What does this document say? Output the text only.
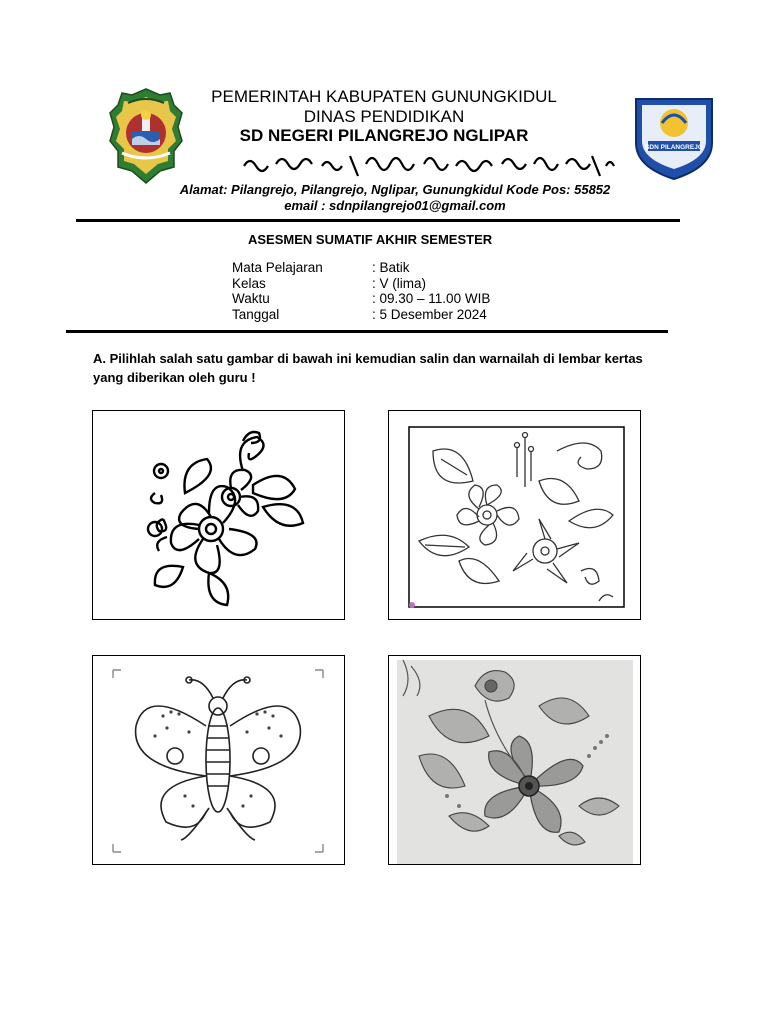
SDN PILANGREJO
PEMERINTAH KABUPATEN GUNUNGKIDUL
DINAS PENDIDIKAN
SD NEGERI PILANGREJO NGLIPAR
Alamat: Pilangrejo, Pilangrejo, Nglipar, Gunungkidul Kode Pos: 55852
email : sdnpilangrejo01@gmail.com
ASESMEN SUMATIF AKHIR SEMESTER
Mata Pelajaran	: Batik
Kelas	: V (lima)
Waktu	: 09.30 – 11.00 WIB
Tanggal	: 5 Desember 2024
A. Pilihlah salah satu gambar di bawah ini kemudian salin dan warnailah di lembar kertas yang diberikan oleh guru !
